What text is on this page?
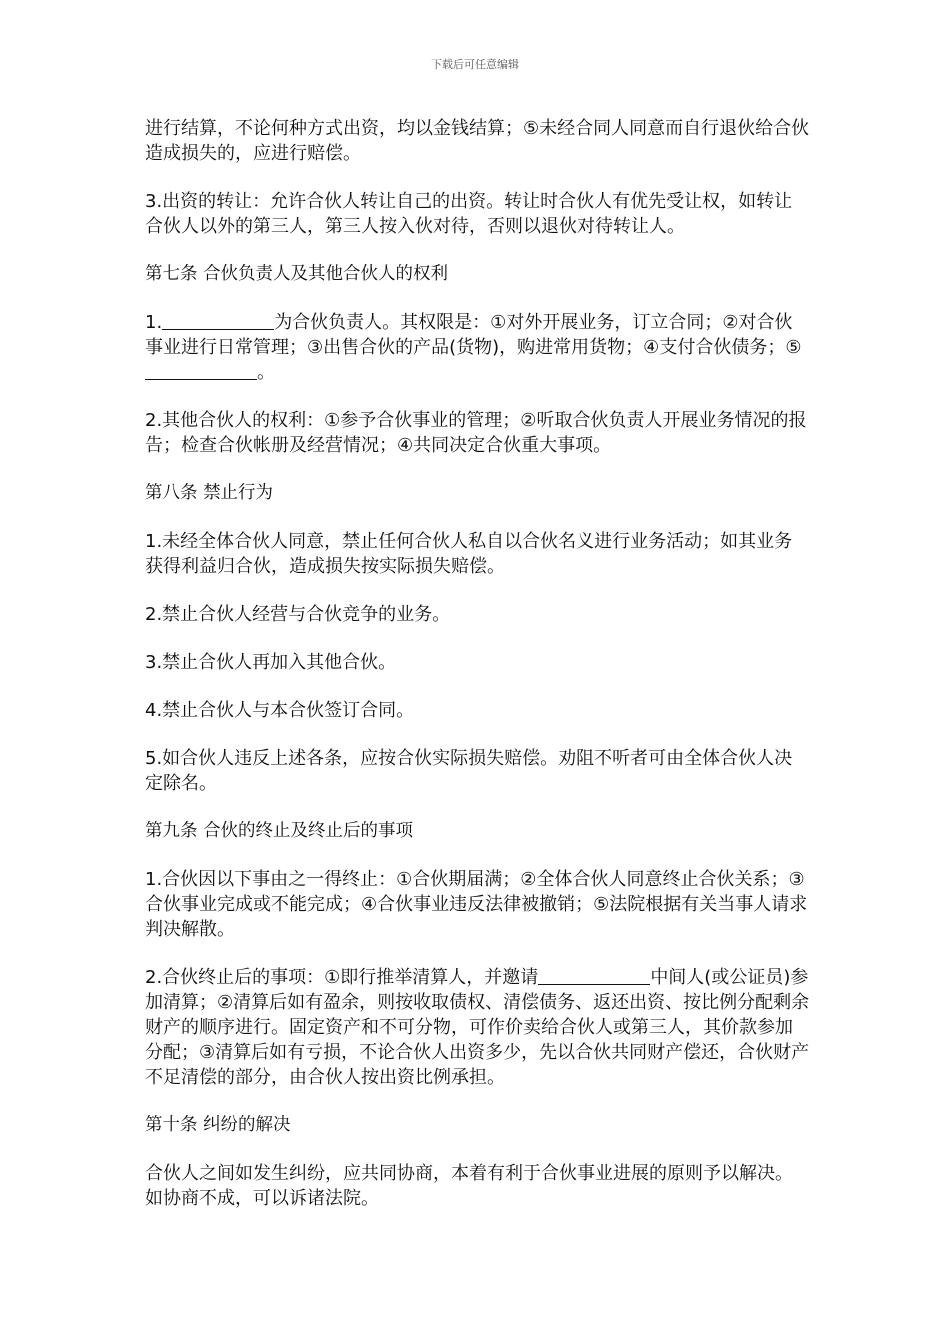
下载后可任意编辑

进行结算，不论何种方式出资，均以金钱结算；⑤未经合同人同意而自行退伙给合伙造成损失的，应进行赔偿。

3.出资的转让：允许合伙人转让自己的出资。转让时合伙人有优先受让权，如转让合伙人以外的第三人，第三人按入伙对待，否则以退伙对待转让人。

第七条 合伙负责人及其他合伙人的权利

1.	为合伙负责人。其权限是：①对外开展业务，订立合同；②对合伙事业进行日常管理；③出售合伙的产品(货物)，购进常用货物；④支付合伙债务；⑤。

2.其他合伙人的权利：①参予合伙事业的管理；②听取合伙负责人开展业务情况的报告；检查合伙帐册及经营情况；④共同决定合伙重大事项。

第八条 禁止行为

1.未经全体合伙人同意，禁止任何合伙人私自以合伙名义进行业务活动；如其业务获得利益归合伙，造成损失按实际损失赔偿。

2.禁止合伙人经营与合伙竞争的业务。

3.禁止合伙人再加入其他合伙。

4.禁止合伙人与本合伙签订合同。

5.如合伙人违反上述各条，应按合伙实际损失赔偿。劝阻不听者可由全体合伙人决定除名。

第九条 合伙的终止及终止后的事项

1.合伙因以下事由之一得终止：①合伙期届满；②全体合伙人同意终止合伙关系；③合伙事业完成或不能完成；④合伙事业违反法律被撤销；⑤法院根据有关当事人请求判决解散。

2.合伙终止后的事项：①即行推举清算人，并邀请	中间人(或公证员)参加清算；②清算后如有盈余，则按收取债权、清偿债务、返还出资、按比例分配剩余财产的顺序进行。固定资产和不可分物，可作价卖给合伙人或第三人，其价款参加分配；③清算后如有亏损，不论合伙人出资多少，先以合伙共同财产偿还，合伙财产不足清偿的部分，由合伙人按出资比例承担。

第十条 纠纷的解决

合伙人之间如发生纠纷，应共同协商，本着有利于合伙事业进展的原则予以解决。如协商不成，可以诉诸法院。
